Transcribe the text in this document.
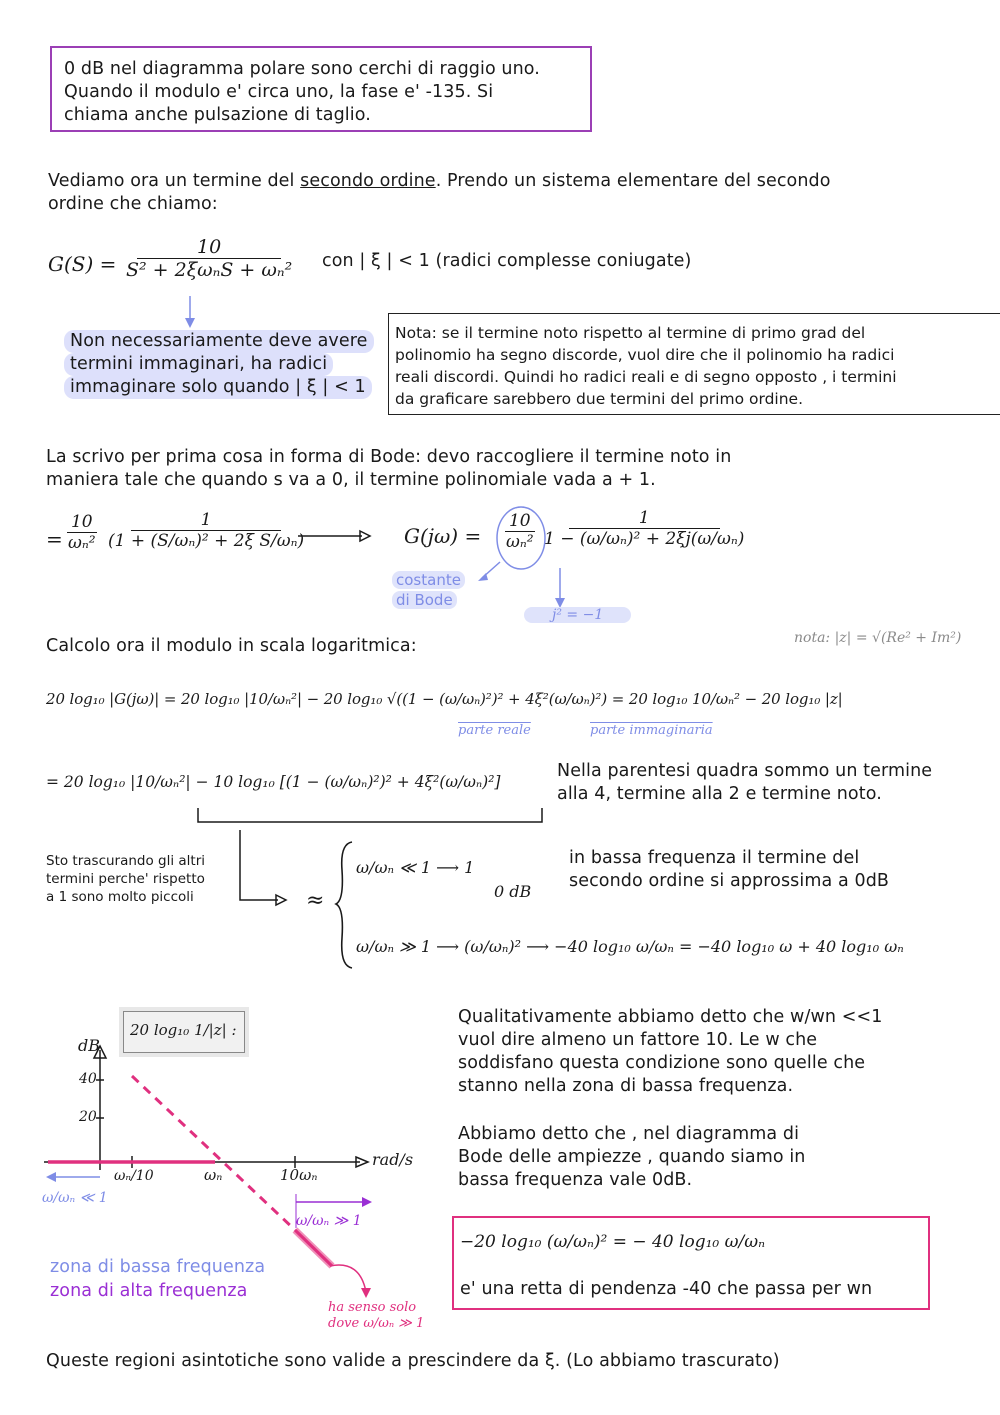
0 dB nel diagramma polare sono cerchi di raggio uno.
Quando il modulo e' circa uno, la fase e' -135. Si
chiama anche pulsazione di taglio.
Vediamo ora un termine del secondo ordine. Prendo un sistema elementare del secondo
ordine che chiamo:
G(S) =
10
S² + 2ξωₙS + ωₙ² con | ξ | < 1 (radici complesse coniugate)
Non necessariamente deve avere
termini immaginari, ha radici
immaginare solo quando | ξ | < 1
Nota: se il termine noto rispetto al termine di primo grad del
polinomio ha segno discorde, vuol dire che il polinomio ha radici
reali discordi. Quindi ho radici reali e di segno opposto , i termini
da graficare sarebbero due termini del primo ordine.
La scrivo per prima cosa in forma di Bode: devo raccogliere il termine noto in
maniera tale che quando s va a 0, il termine polinomiale vada a + 1.
= $\frac{10}{\text{ωₙ²}} \frac{1}{\text{(1 + (S/ωₙ)² + 2ξ S/ωₙ)}}$	$G(j\omega) = \frac{10}{\text{ωₙ²}} \frac{1}{\text{1 − (ω/ωₙ)² + 2ξj(ω/ωₙ)}}$
costante
di Bode
j² = −1
Calcolo ora il modulo in scala logaritmica:	nota: |z| = √(Re² + Im²)
20 log₁₀ |G(jω)| = 20 log₁₀ |10/ωₙ²| − 20 log₁₀ √((1 − (ω/ωₙ)²)² + 4ξ²(ω/ωₙ)²) = 20 log₁₀ 10/ωₙ² − 20 log₁₀ |z|
parte reale	parte immaginaria
= 20 log₁₀ |10/ωₙ²| − 10 log₁₀ [(1 − (ω/ωₙ)²)² + 4ξ²(ω/ωₙ)²]
Nella parentesi quadra sommo un termine
alla 4, termine alla 2 e termine noto.
Sto trascurando gli altri
termini perche' rispetto
a 1 sono molto piccoli	≈
ω/ωₙ ≪ 1 ⟶ 1
0 dB
in bassa frequenza il termine del
secondo ordine si approssima a 0dB
ω/ωₙ ≫ 1 ⟶ (ω/ωₙ)² ⟶ −40 log₁₀ ω/ωₙ = −40 log₁₀ ω + 40 log₁₀ ωₙ
20 log₁₀ 1/|z| :
dB
40
20
rad/s
ωₙ/10	ωₙ	10ωₙ
ω/ωₙ ≪ 1
ω/ωₙ ≫ 1
zona di bassa frequenza
zona di alta frequenza
ha senso solo
dove ω/ωₙ ≫ 1
Qualitativamente abbiamo detto che w/wn <<1
vuol dire almeno un fattore 10. Le w che
soddisfano questa condizione sono quelle che
stanno nella zona di bassa frequenza.
Abbiamo detto che , nel diagramma di
Bode delle ampiezze , quando siamo in
bassa frequenza vale 0dB.
−20 log₁₀ (ω/ωₙ)² = − 40 log₁₀ ω/ωₙ
e' una retta di pendenza -40 che passa per wn
Queste regioni asintotiche sono valide a prescindere da ξ. (Lo abbiamo trascurato)
